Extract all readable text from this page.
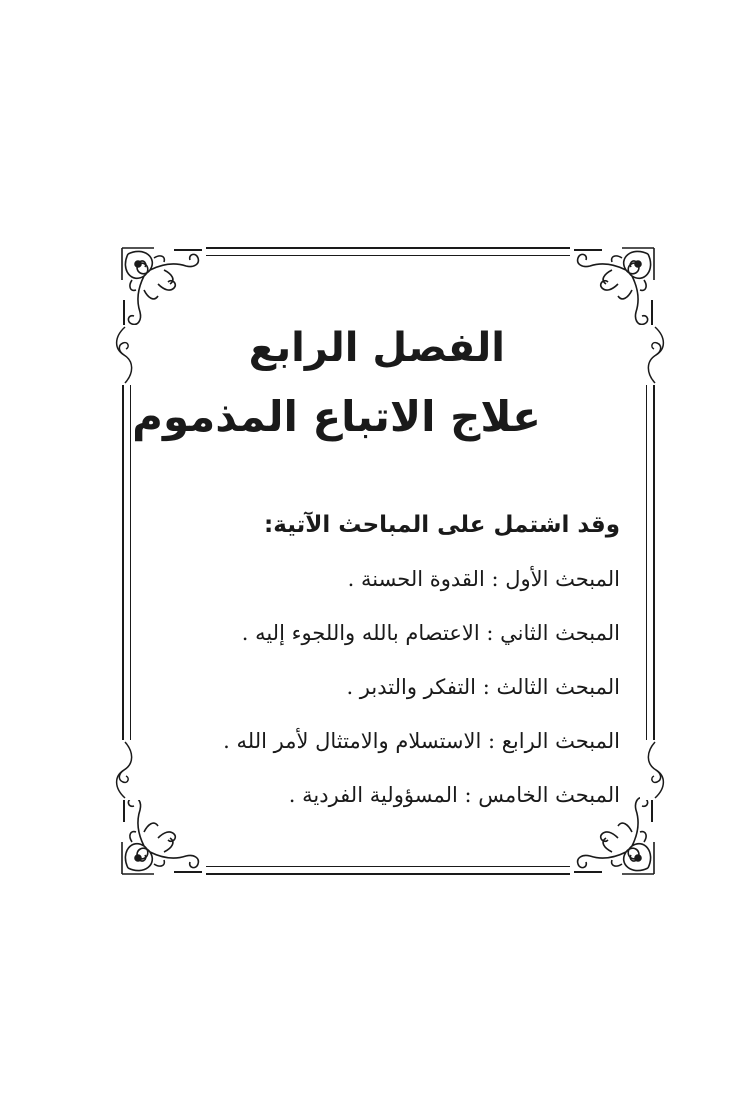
الفصل الرابع
علاج الاتباع المذموم
وقد اشتمل على المباحث الآتية:
المبحث الأول : القدوة الحسنة .
المبحث الثاني : الاعتصام بالله واللجوء إليه .
المبحث الثالث : التفكر والتدبر .
المبحث الرابع : الاستسلام والامتثال لأمر الله .
المبحث الخامس : المسؤولية الفردية .
